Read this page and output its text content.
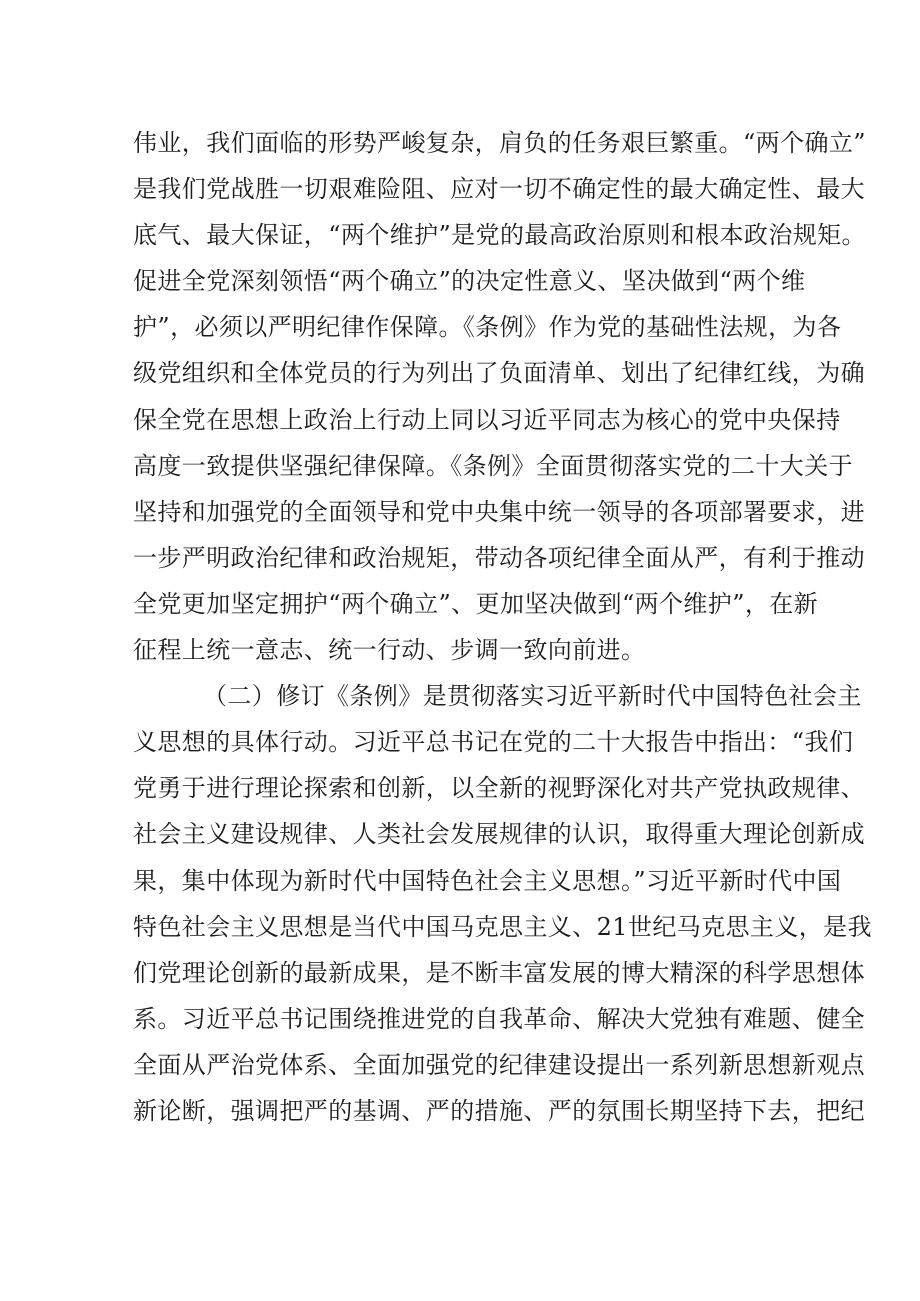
伟业，我们面临的形势严峻复杂，肩负的任务艰巨繁重。“两个确立”
是我们党战胜一切艰难险阻、应对一切不确定性的最大确定性、最大
底气、最大保证，“两个维护”是党的最高政治原则和根本政治规矩。
促进全党深刻领悟“两个确立”的决定性意义、坚决做到“两个维
护”，必须以严明纪律作保障。《条例》作为党的基础性法规，为各
级党组织和全体党员的行为列出了负面清单、划出了纪律红线，为确
保全党在思想上政治上行动上同以习近平同志为核心的党中央保持
高度一致提供坚强纪律保障。《条例》全面贯彻落实党的二十大关于
坚持和加强党的全面领导和党中央集中统一领导的各项部署要求，进
一步严明政治纪律和政治规矩，带动各项纪律全面从严，有利于推动
全党更加坚定拥护“两个确立”、更加坚决做到“两个维护”，在新
征程上统一意志、统一行动、步调一致向前进。
（二）修订《条例》是贯彻落实习近平新时代中国特色社会主
义思想的具体行动。习近平总书记在党的二十大报告中指出：“我们
党勇于进行理论探索和创新，以全新的视野深化对共产党执政规律、
社会主义建设规律、人类社会发展规律的认识，取得重大理论创新成
果，集中体现为新时代中国特色社会主义思想。”习近平新时代中国
特色社会主义思想是当代中国马克思主义、21世纪马克思主义，是我
们党理论创新的最新成果，是不断丰富发展的博大精深的科学思想体
系。习近平总书记围绕推进党的自我革命、解决大党独有难题、健全
全面从严治党体系、全面加强党的纪律建设提出一系列新思想新观点
新论断，强调把严的基调、严的措施、严的氛围长期坚持下去，把纪
